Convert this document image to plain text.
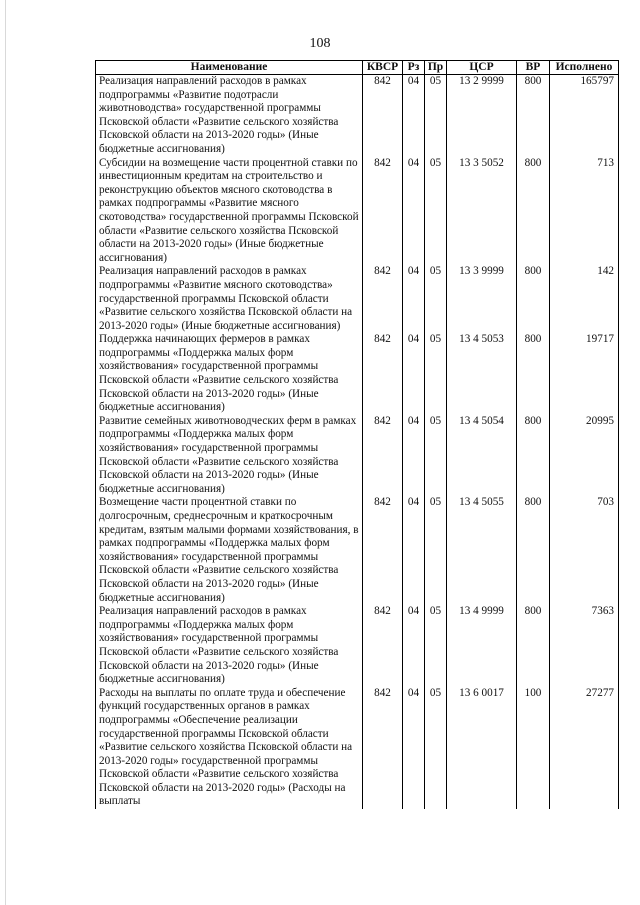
108
Наименование	КВСР	Рз	Пр	ЦСР	ВР	Исполнено
Реализация направлений расходов в рамках подпрограммы «Развитие подотрасли животноводства» государственной программы Псковской области «Развитие сельского хозяйства Псковской области на 2013-2020 годы» (Иные бюджетные ассигнования)	842	04	05	13 2 9999	800	165797
Субсидии на возмещение части процентной ставки по инвестиционным кредитам на строительство и реконструкцию объектов мясного скотоводства в рамках подпрограммы «Развитие мясного скотоводства» государственной программы Псковской области «Развитие сельского хозяйства Псковской области на 2013-2020 годы» (Иные бюджетные ассигнования)	842	04	05	13 3 5052	800	713
Реализация направлений расходов в рамках подпрограммы «Развитие мясного скотоводства» государственной программы Псковской области «Развитие сельского хозяйства Псковской области на 2013-2020 годы» (Иные бюджетные ассигнования)	842	04	05	13 3 9999	800	142
Поддержка начинающих фермеров в рамках подпрограммы «Поддержка малых форм хозяйствования» государственной программы Псковской области «Развитие сельского хозяйства Псковской области на 2013-2020 годы» (Иные бюджетные ассигнования)	842	04	05	13 4 5053	800	19717
Развитие семейных животноводческих ферм в рамках подпрограммы «Поддержка малых форм хозяйствования» государственной программы Псковской области «Развитие сельского хозяйства Псковской области на 2013-2020 годы» (Иные бюджетные ассигнования)	842	04	05	13 4 5054	800	20995
Возмещение части процентной ставки по долгосрочным, среднесрочным и краткосрочным кредитам, взятым малыми формами хозяйствования, в рамках подпрограммы «Поддержка малых форм хозяйствования» государственной программы Псковской области «Развитие сельского хозяйства Псковской области на 2013-2020 годы» (Иные бюджетные ассигнования)	842	04	05	13 4 5055	800	703
Реализация направлений расходов в рамках подпрограммы «Поддержка малых форм хозяйствования» государственной программы Псковской области «Развитие сельского хозяйства Псковской области на 2013-2020 годы» (Иные бюджетные ассигнования)	842	04	05	13 4 9999	800	7363
Расходы на выплаты по оплате труда и обеспечение функций государственных органов в рамках подпрограммы «Обеспечение реализации государственной программы Псковской области «Развитие сельского хозяйства Псковской области на 2013-2020 годы» государственной программы Псковской области «Развитие сельского хозяйства Псковской области на 2013-2020 годы» (Расходы на выплаты	842	04	05	13 6 0017	100	27277
